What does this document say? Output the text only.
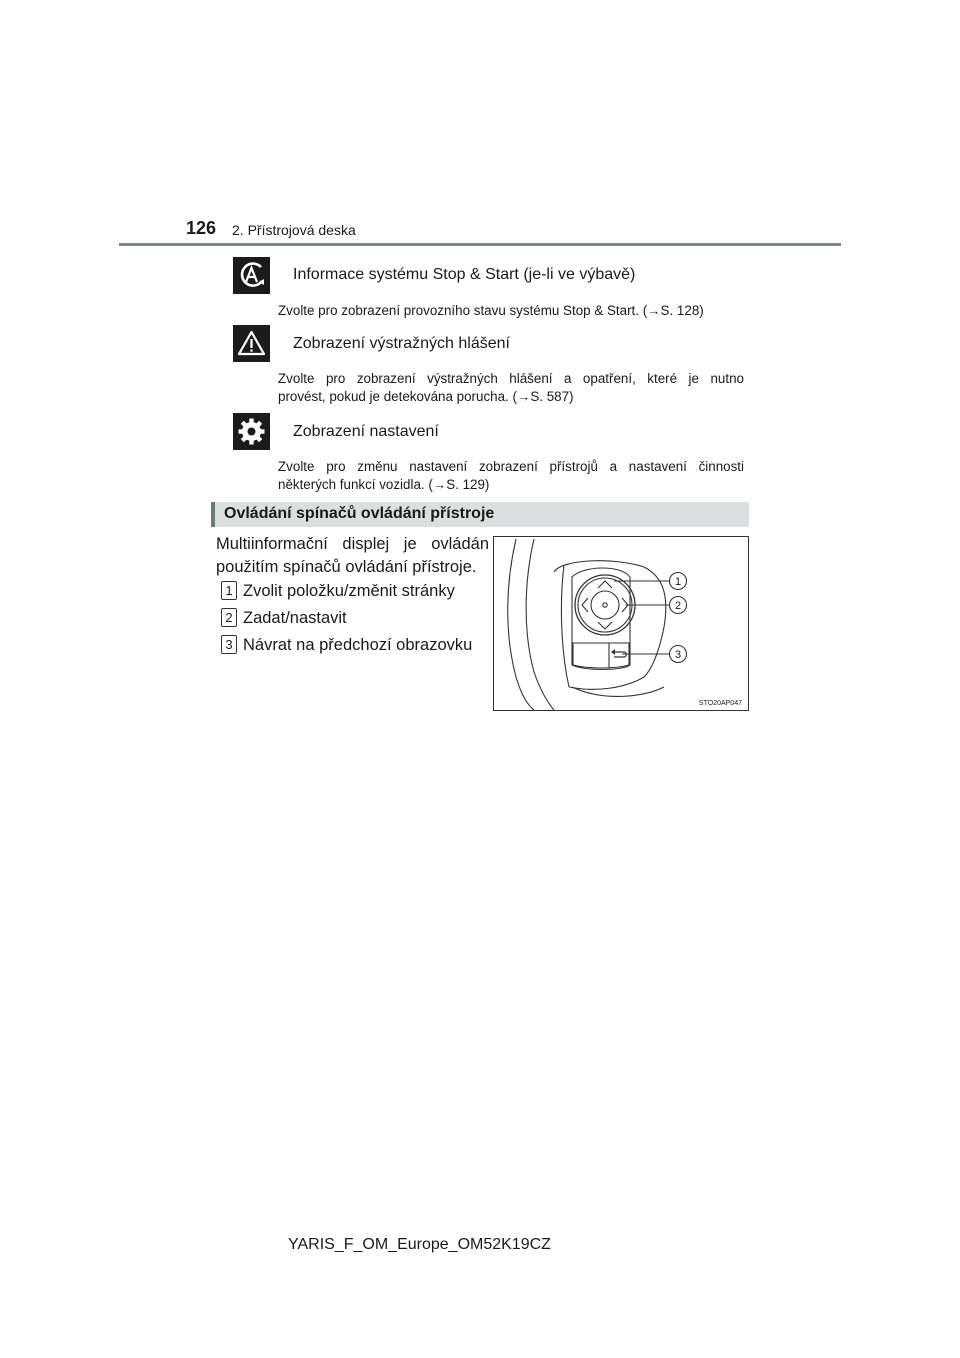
126 2. Přístrojová deska
Informace systému Stop & Start (je-li ve výbavě)
Zvolte pro zobrazení provozního stavu systému Stop & Start. (→S. 128)
Zobrazení výstražných hlášení
Zvolte pro zobrazení výstražných hlášení a opatření, které je nutno
provést, pokud je detekována porucha. (→S. 587)
Zobrazení nastavení
Zvolte pro změnu nastavení zobrazení přístrojů a nastavení činnosti
některých funkcí vozidla. (→S. 129)
Ovládání spínačů ovládání přístroje
Multiinformační displej je ovládán
použitím spínačů ovládání přístroje.
1 Zvolit položku/změnit stránky
2 Zadat/nastavit
3 Návrat na předchozí obrazovku
1
2
3
STO20AP047
YARIS_F_OM_Europe_OM52K19CZ
